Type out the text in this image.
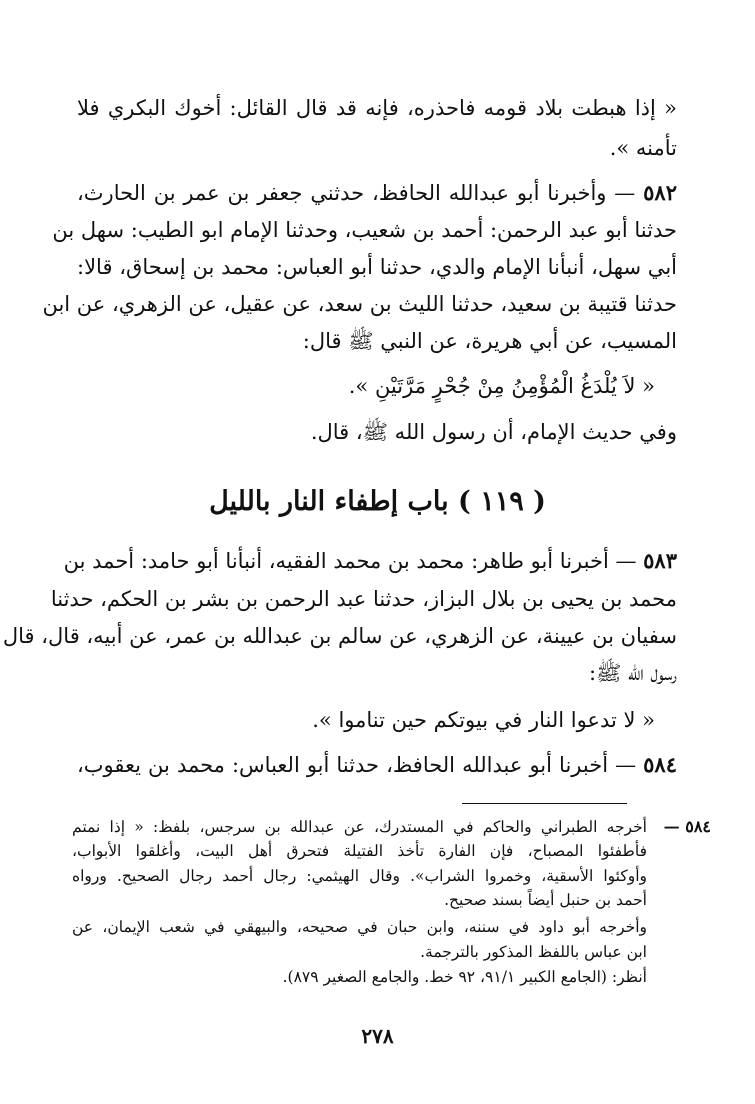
« إذا هبطت بلاد قومه فاحذره، فإنه قد قال القائل: أخوك البكري فلا
تأمنه ».
٥٨٢ — وأخبرنا أبو عبدالله الحافظ، حدثني جعفر بن عمر بن الحارث،
حدثنا أبو عبد الرحمن: أحمد بن شعيب، وحدثنا الإمام ابو الطيب: سهل بن
أبي سهل، أنبأنا الإمام والدي، حدثنا أبو العباس: محمد بن إسحاق، قالا:
حدثنا قتيبة بن سعيد، حدثنا الليث بن سعد، عن عقيل، عن الزهري، عن ابن
المسيب، عن أبي هريرة، عن النبي ﷺ قال:
« لاَ يُلْدَغُ الْمُؤْمِنُ مِنْ جُحْرٍ مَرَّتَيْنِ ».
وفي حديث الإمام، أن رسول الله ﷺ، قال.
( ١١٩ ) باب إطفاء النار بالليل
٥٨٣ — أخبرنا أبو طاهر: محمد بن محمد الفقيه، أنبأنا أبو حامد: أحمد بن
محمد بن يحيى بن بلال البزاز، حدثنا عبد الرحمن بن بشر بن الحكم، حدثنا
سفيان بن عيينة، عن الزهري، عن سالم بن عبدالله بن عمر، عن أبيه، قال، قال
رسول الله ﷺ:
« لا تدعوا النار في بيوتكم حين تناموا ».
٥٨٤ — أخبرنا أبو عبدالله الحافظ، حدثنا أبو العباس: محمد بن يعقوب،
٥٨٤ —
أخرجه الطبراني والحاكم في المستدرك، عن عبدالله بن سرجس، بلفظ: « إذا نمتم
فأطفئوا المصباح، فإن الفارة تأخذ الفتيلة فتحرق أهل البيت، وأغلقوا الأبواب،
وأوكئوا الأسقية، وخمروا الشراب». وقال الهيثمي: رجال أحمد رجال الصحيح. ورواه
أحمد بن حنبل أيضاً بسند صحيح.
وأخرجه أبو داود في سننه، وابن حبان في صحيحه، والبيهقي في شعب الإيمان، عن
ابن عباس باللفظ المذكور بالترجمة.
أنظر: (الجامع الكبير ٩١/١، ٩٢ خط. والجامع الصغير ٨٧٩).
٢٧٨
